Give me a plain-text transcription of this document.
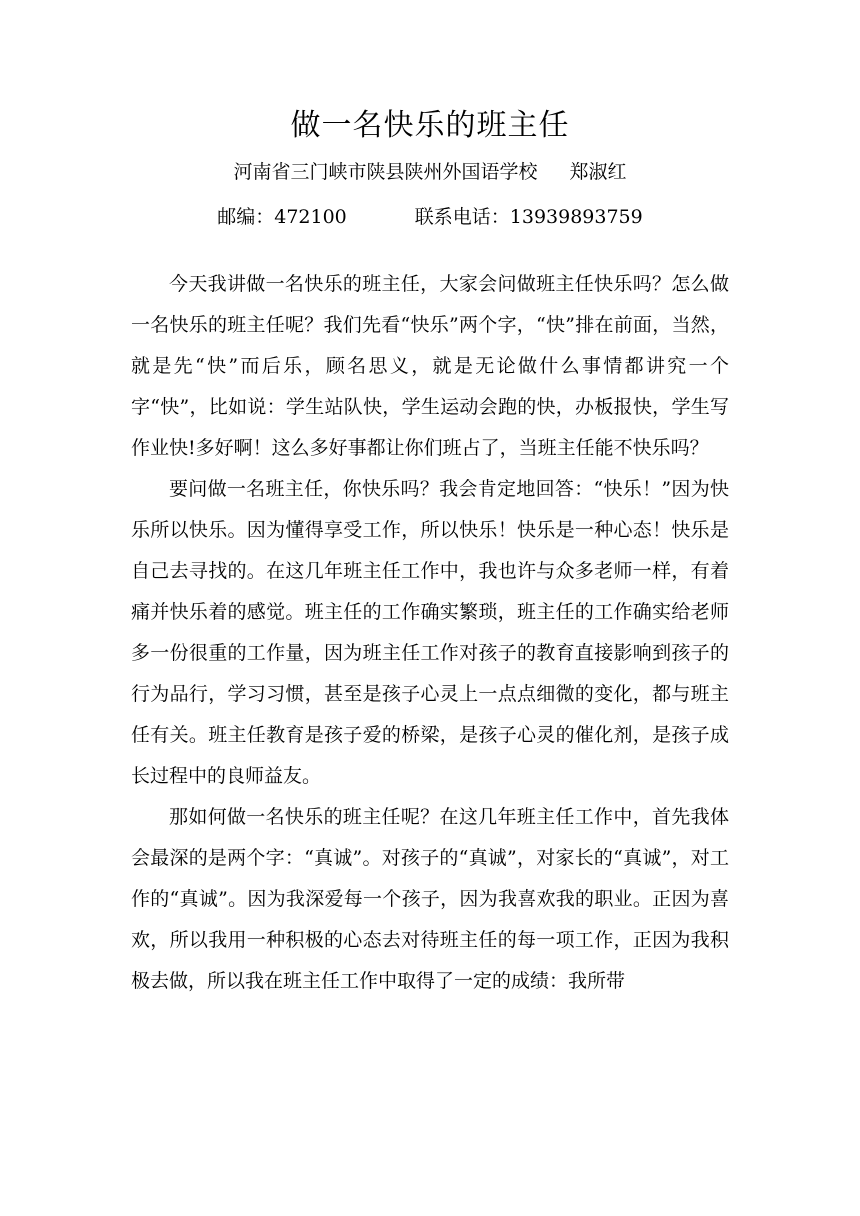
做一名快乐的班主任
河南省三门峡市陕县陕州外国语学校 郑淑红
邮编：472100	联系电话：13939893759

今天我讲做一名快乐的班主任，大家会问做班主任快乐吗？怎么做一名快乐的班主任呢？我们先看“快乐”两个字，“快”排在前面，当然，就是先“快”而后乐，顾名思义，就是无论做什么事情都讲究一个字“快”，比如说：学生站队快，学生运动会跑的快，办板报快，学生写作业快!多好啊！这么多好事都让你们班占了，当班主任能不快乐吗？

要问做一名班主任，你快乐吗？我会肯定地回答：“快乐！”因为快乐所以快乐。因为懂得享受工作，所以快乐！快乐是一种心态！快乐是自己去寻找的。在这几年班主任工作中，我也许与众多老师一样，有着痛并快乐着的感觉。班主任的工作确实繁琐，班主任的工作确实给老师多一份很重的工作量，因为班主任工作对孩子的教育直接影响到孩子的行为品行，学习习惯，甚至是孩子心灵上一点点细微的变化，都与班主任有关。班主任教育是孩子爱的桥梁，是孩子心灵的催化剂，是孩子成长过程中的良师益友。

那如何做一名快乐的班主任呢？在这几年班主任工作中，首先我体会最深的是两个字：“真诚”。对孩子的“真诚”，对家长的“真诚”，对工作的“真诚”。因为我深爱每一个孩子，因为我喜欢我的职业。正因为喜欢，所以我用一种积极的心态去对待班主任的每一项工作，正因为我积极去做，所以我在班主任工作中取得了一定的成绩：我所带
